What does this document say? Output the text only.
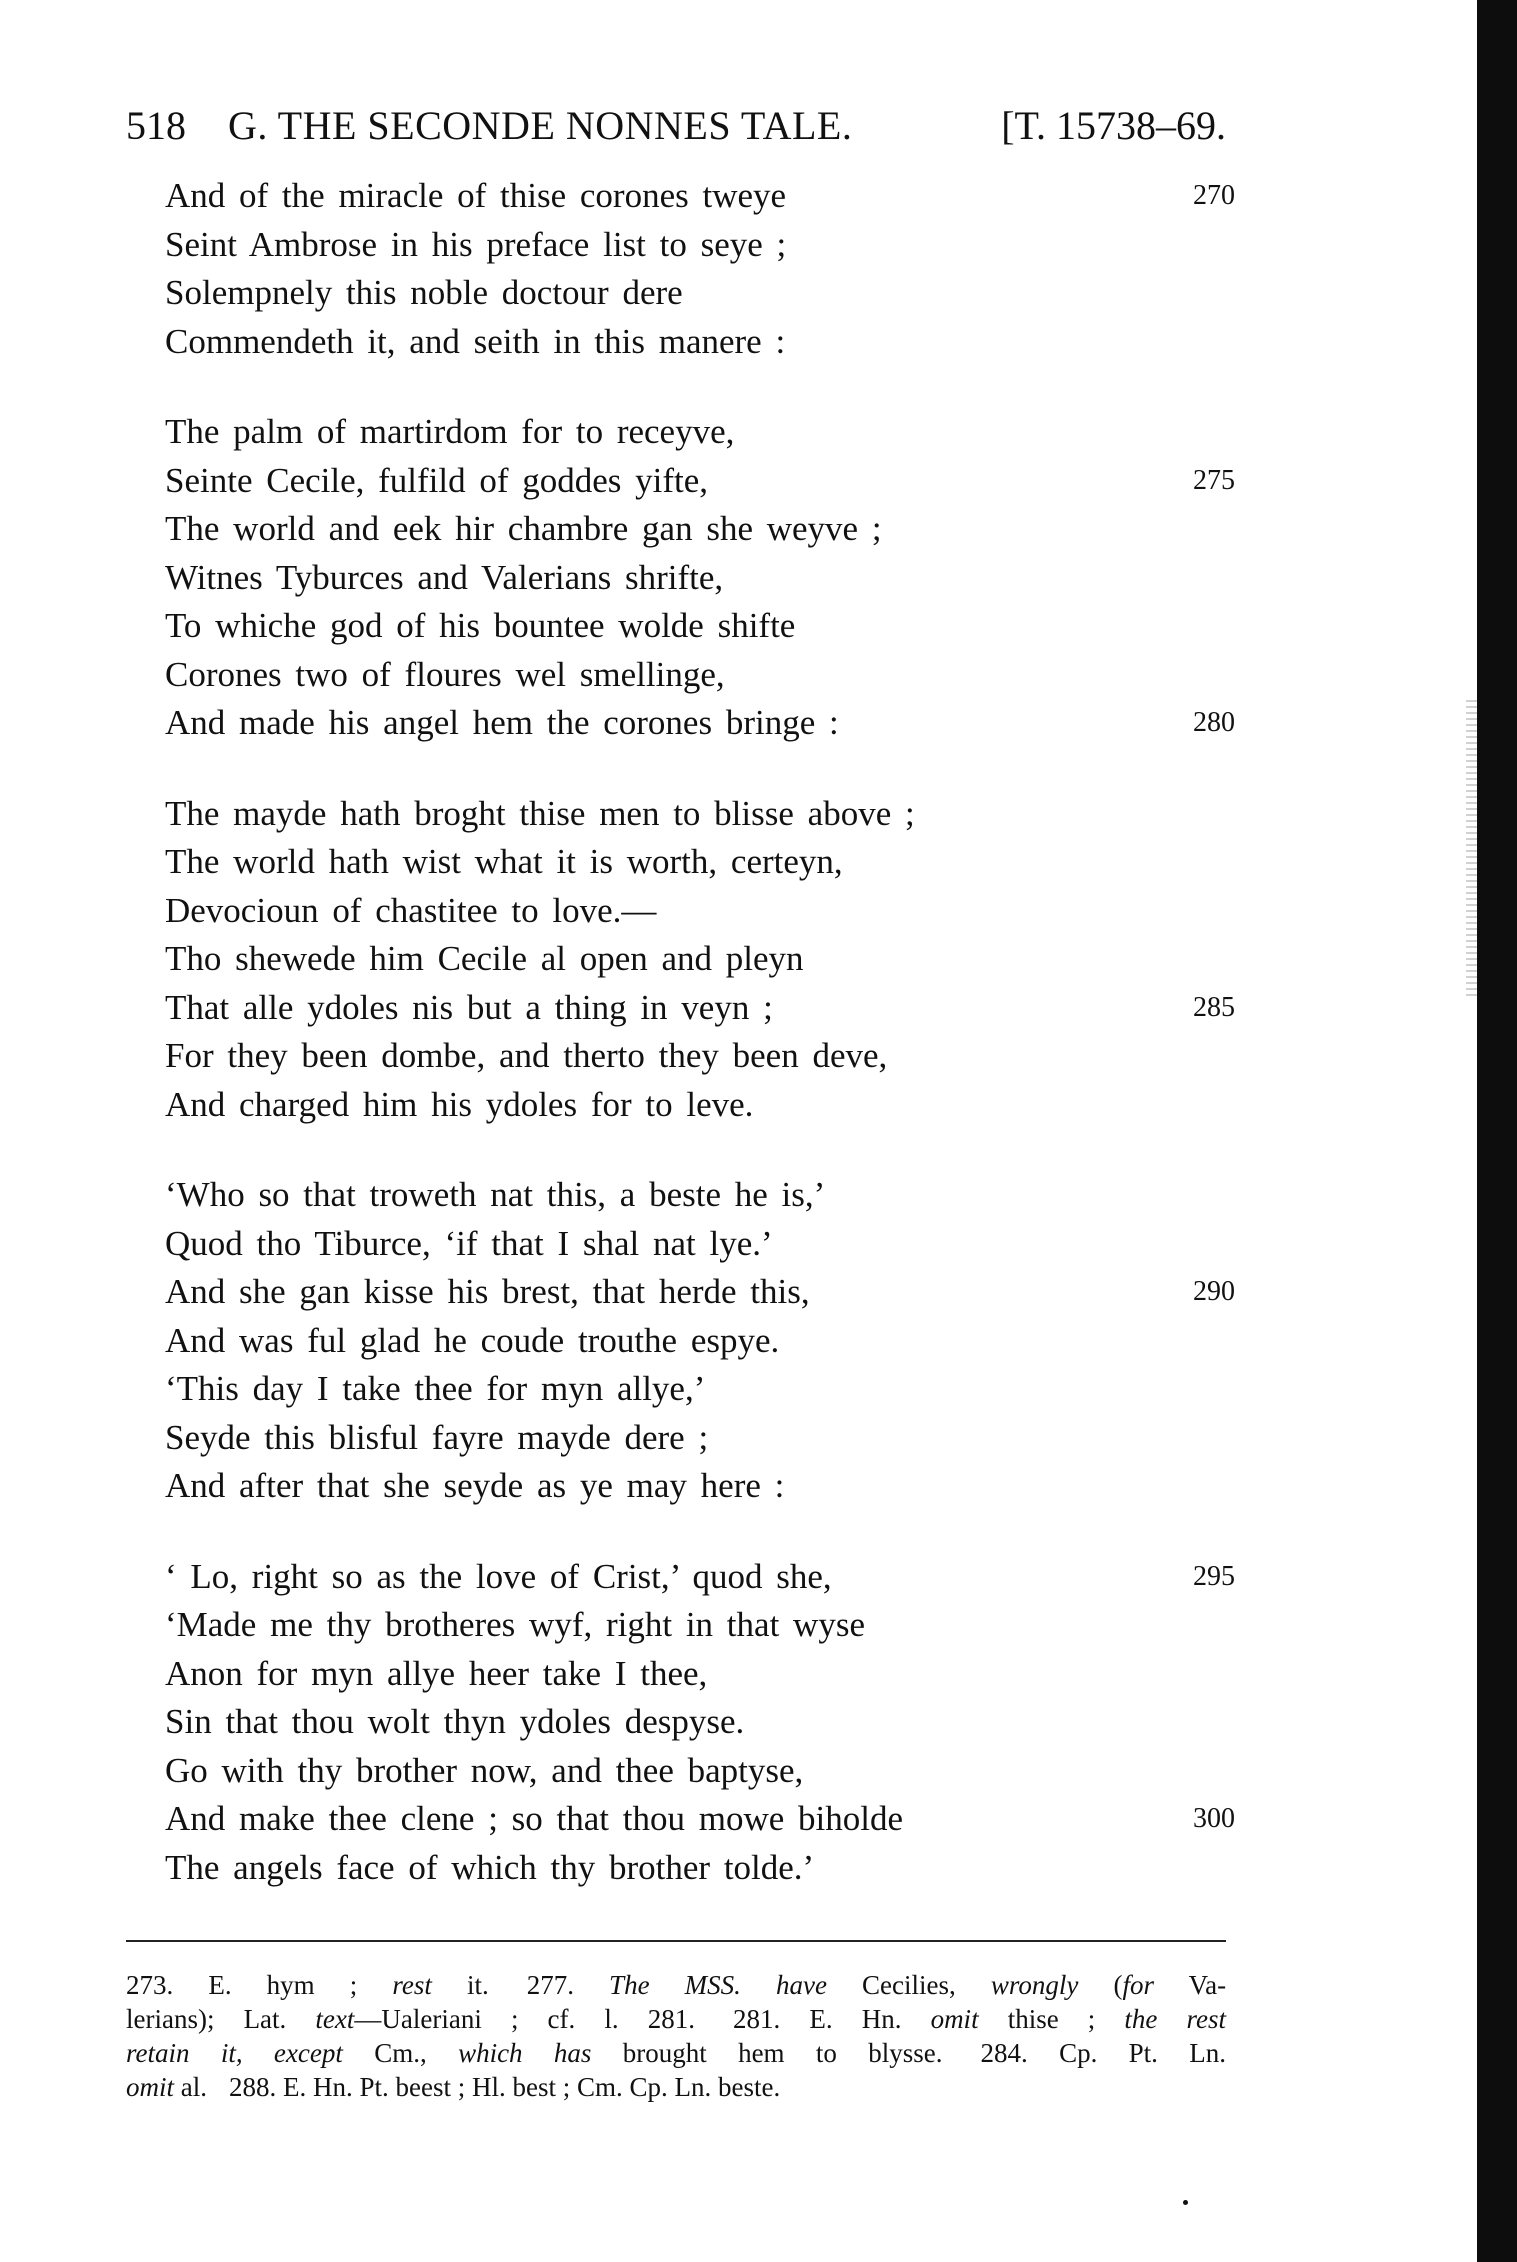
518 G. THE SECONDE NONNES TALE.	[T. 15738–69.
And of the miracle of thise corones tweye	270
Seint Ambrose in his preface list to seye ;
Solempnely this noble doctour dere
Commendeth it, and seith in this manere :
The palm of martirdom for to receyve,
Seinte Cecile, fulfild of goddes yifte,	275
The world and eek hir chambre gan she weyve ;
Witnes Tyburces and Valerians shrifte,
To whiche god of his bountee wolde shifte
Corones two of floures wel smellinge,
And made his angel hem the corones bringe :	280
The mayde hath broght thise men to blisse above ;
The world hath wist what it is worth, certeyn,
Devocioun of chastitee to love.—
Tho shewede him Cecile al open and pleyn
That alle ydoles nis but a thing in veyn ;	285
For they been dombe, and therto they been deve,
And charged him his ydoles for to leve.
‘Who so that troweth nat this, a beste he is,’
Quod tho Tiburce, ‘if that I shal nat lye.’
And she gan kisse his brest, that herde this,	290
And was ful glad he coude trouthe espye.
‘This day I take thee for myn allye,’
Seyde this blisful fayre mayde dere ;
And after that she seyde as ye may here :
‘ Lo, right so as the love of Crist,’ quod she,	295
‘Made me thy brotheres wyf, right in that wyse
Anon for myn allye heer take I thee,
Sin that thou wolt thyn ydoles despyse.
Go with thy brother now, and thee baptyse,
And make thee clene ; so that thou mowe biholde	300
The angels face of which thy brother tolde.’
273. E. hym ; rest it. 277. The MSS. have Cecilies, wrongly (for Va-
lerians); Lat. text—Ualeriani ; cf. l. 281. 281. E. Hn. omit thise ; the rest
retain it, except Cm., which has brought hem to blysse. 284. Cp. Pt. Ln.
omit al. 288. E. Hn. Pt. beest ; Hl. best ; Cm. Cp. Ln. beste.
